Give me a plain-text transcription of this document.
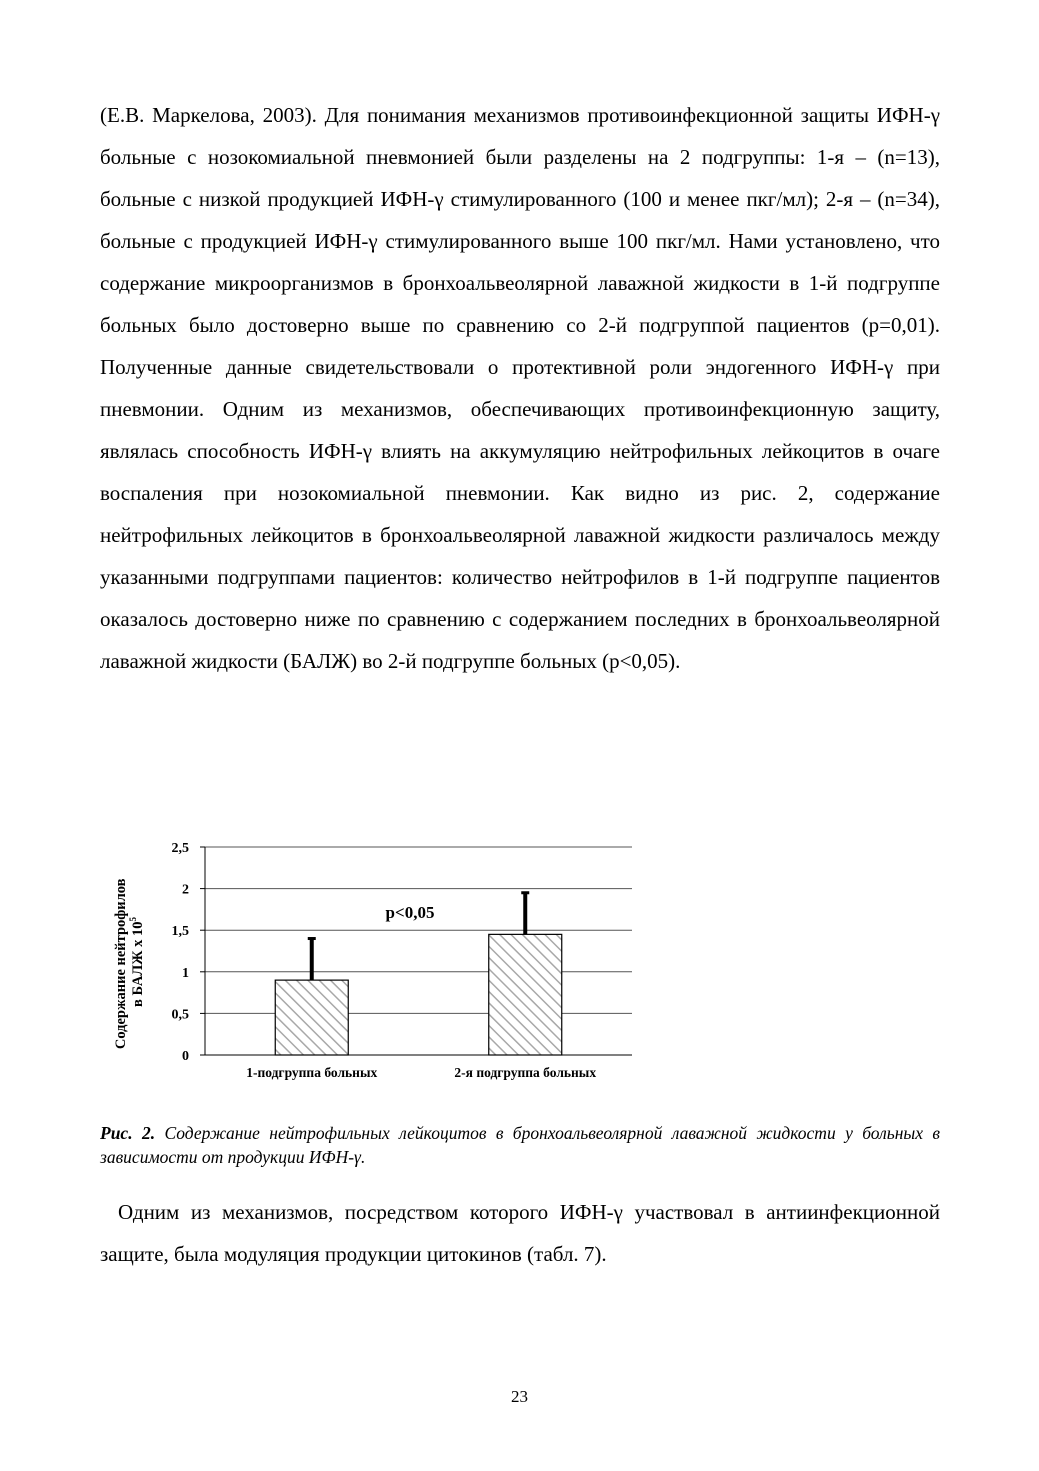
(Е.В. Маркелова, 2003). Для понимания механизмов противоинфекционной защиты ИФН-γ больные с нозокомиальной пневмонией были разделены на 2 подгруппы: 1-я – (n=13), больные с низкой продукцией ИФН-γ стимулированного (100 и менее пкг/мл); 2-я – (n=34), больные с продукцией ИФН-γ стимулированного выше 100 пкг/мл. Нами установлено, что содержание микроорганизмов в бронхоальвеолярной лаважной жидкости в 1-й подгруппе больных было достоверно выше по сравнению со 2-й подгруппой пациентов (p=0,01). Полученные данные свидетельствовали о протективной роли эндогенного ИФН-γ при пневмонии. Одним из механизмов, обеспечивающих противоинфекционную защиту, являлась способность ИФН-γ влиять на аккумуляцию нейтрофильных лейкоцитов в очаге воспаления при нозокомиальной пневмонии. Как видно из рис. 2, содержание нейтрофильных лейкоцитов в бронхоальвеолярной лаважной жидкости различалось между указанными подгруппами пациентов: количество нейтрофилов в 1-й подгруппе пациентов оказалось достоверно ниже по сравнению с содержанием последних в бронхоальвеолярной лаважной жидкости (БАЛЖ) во 2-й подгруппе больных (p<0,05).

0
0,5
1
1,5
2
2,5
1-подгруппа больных	2-я подгруппа больных
p<0,05
Содержание нейтрофилов в БАЛЖ х $10^5$

Рис. 2. Содержание нейтрофильных лейкоцитов в бронхоальвеолярной лаважной жидкости у больных в зависимости от продукции ИФН-γ.

Одним из механизмов, посредством которого ИФН-γ участвовал в антиинфекционной защите, была модуляция продукции цитокинов (табл. 7).

23
